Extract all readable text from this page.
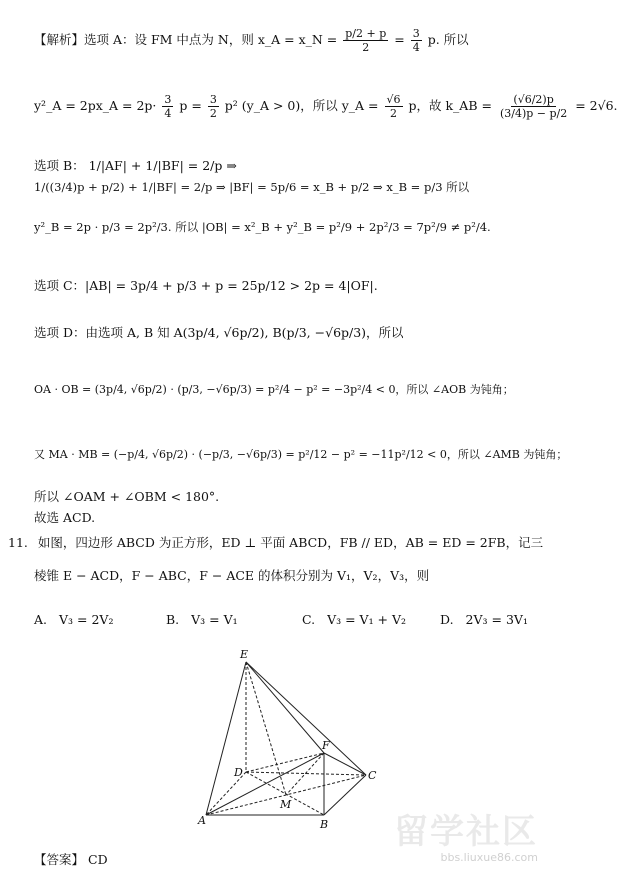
【解析】选项 A：设 FM 中点为 N，则 x_A = x_N = $\frac{p/2 + p}{2} = \frac{3}{4} p$. 所以
y²_A = 2px_A = $2p\cdot \frac{3}{4}$ $p = \frac{3}{2} p^2$ (y_A > 0)，所以 y_A = $\frac{√6}{2}$ p，故 k_AB = $\frac{(√6/2)p}{(3/4)p - p/2} = 2√6$.
选项 B： 1/|AF| + 1/|BF| = 2/p ⇒
1/((3/4)p + p/2) + 1/|BF| = 2/p ⇒ |BF| = 5p/6 = x_B + p/2 ⇒ x_B = p/3 所以
y²_B = 2p · p/3 = 2p²/3. 所以 |OB| = x²_B + y²_B = p²/9 + 2p²/3 = 7p²/9 ≠ p²/4.
选项 C：|AB| = 3p/4 + p/3 + p = 25p/12 > 2p = 4|OF|.
选项 D：由选项 A, B 知 A(3p/4, √6p/2), B(p/3, −√6p/3)，所以
OA · OB = (3p/4, √6p/2) · (p/3, −√6p/3) = p²/4 − p² = −3p²/4 < 0，所以 ∠AOB 为钝角；
又 MA · MB = (−p/4, √6p/2) · (−p/3, −√6p/3) = p²/12 − p² = −11p²/12 < 0，所以 ∠AMB 为钝角；
所以 ∠OAM + ∠OBM < 180°.
故选 ACD.
11. 如图，四边形 ABCD 为正方形，ED ⊥ 平面 ABCD，FB // ED，AB = ED = 2FB，记三
棱锥 E − ACD，F − ABC，F − ACE 的体积分别为 V₁，V₂，V₃，则
A. V₃ = 2V₂	B. V₃ = V₁	C. V₃ = V₁ + V₂	D. 2V₃ = 3V₁
E
D
F
C
M
A	B
【答案】 CD
留学社区
bbs.liuxue86.com
